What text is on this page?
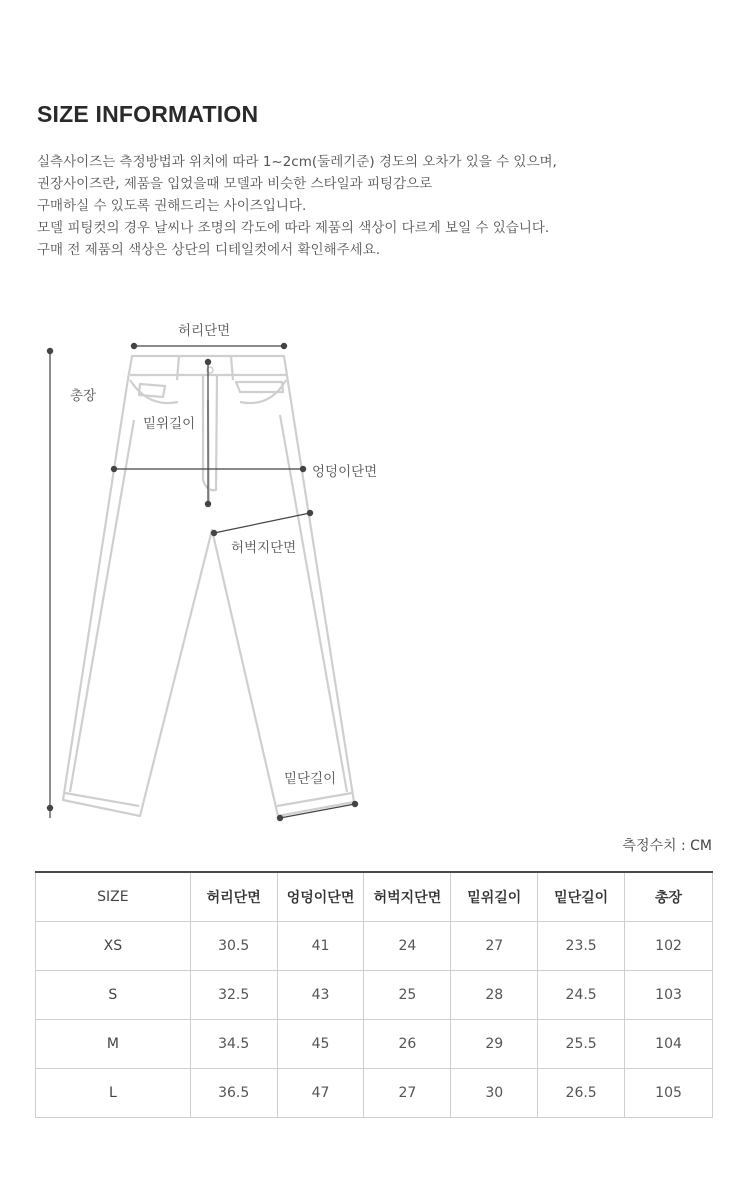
SIZE INFORMATION
실측사이즈는 측정방법과 위치에 따라 1~2cm(둘레기준) 경도의 오차가 있을 수 있으며,
권장사이즈란, 제품을 입었을때 모델과 비슷한 스타일과 피팅감으로
구매하실 수 있도록 권해드리는 사이즈입니다.
모델 피팅컷의 경우 날씨나 조명의 각도에 따라 제품의 색상이 다르게 보일 수 있습니다.
구매 전 제품의 색상은 상단의 디테일컷에서 확인해주세요.
허리단면
총장
밑위길이
엉덩이단면
허벅지단면
밑단길이
측정수치 : CM
SIZE	허리단면	엉덩이단면	허벅지단면	밑위길이	밑단길이	총장
XS	30.5	41	24	27	23.5	102
S	32.5	43	25	28	24.5	103
M	34.5	45	26	29	25.5	104
L	36.5	47	27	30	26.5	105
